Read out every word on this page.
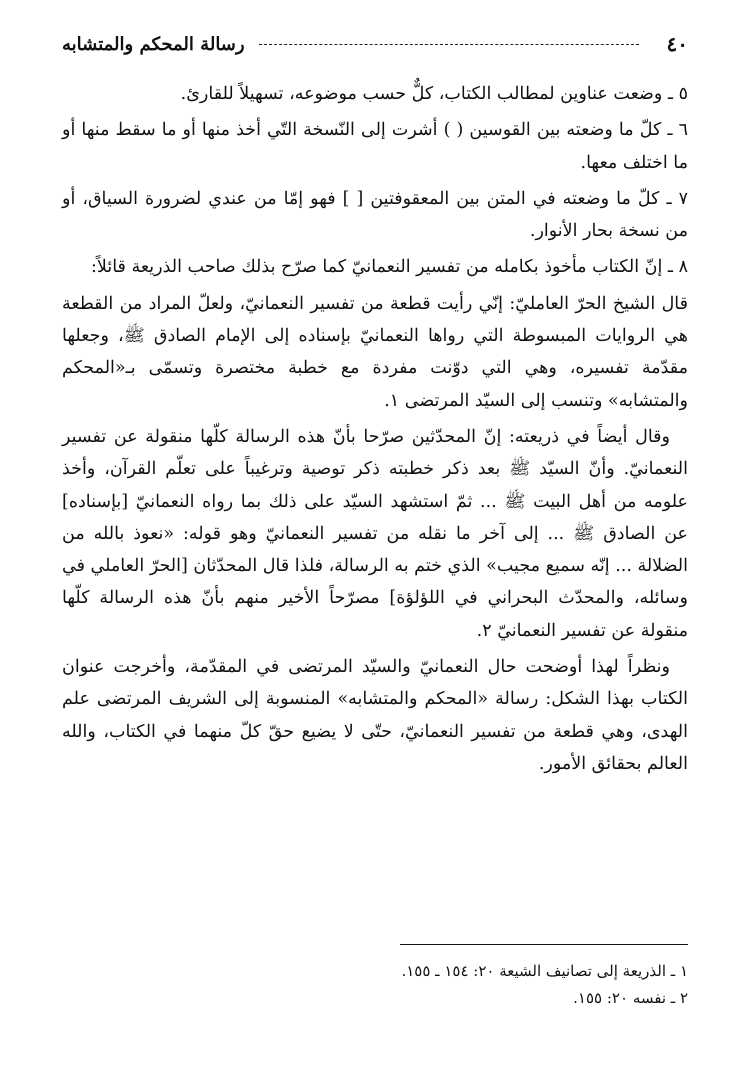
٤٠
رسالة المحكم والمتشابه

٥ ـ وضعت عناوين لمطالب الكتاب، كلٌّ حسب موضوعه، تسهيلاً للقارئ.

٦ ـ كلّ ما وضعته بين القوسين ( ) أشرت إلى النّسخة التّي أخذ منها أو ما سقط منها أو ما اختلف معها.

٧ ـ كلّ ما وضعته في المتن بين المعقوفتين [ ] فهو إمّا من عندي لضرورة السياق، أو من نسخة بحار الأنوار.

٨ ـ إنّ الكتاب مأخوذ بكامله من تفسير النعمانيّ كما صرّح بذلك صاحب الذريعة قائلاً:

قال الشيخ الحرّ العامليّ: إنّي رأيت قطعة من تفسير النعمانيّ، ولعلّ المراد من القطعة هي الروايات المبسوطة التي رواها النعمانيّ بإسناده إلى الإمام الصادق ﷺ، وجعلها مقدّمة تفسيره، وهي التي دوّنت مفردة مع خطبة مختصرة وتسمّى بـ«المحكم والمتشابه» وتنسب إلى السيّد المرتضى ١.

وقال أيضاً في ذريعته: إنّ المحدّثين صرّحا بأنّ هذه الرسالة كلّها منقولة عن تفسير النعمانيّ. وأنّ السيّد ﷺ بعد ذكر خطبته ذكر توصية وترغيباً على تعلّم القرآن، وأخذ علومه من أهل البيت ﷺ ... ثمّ استشهد السيّد على ذلك بما رواه النعمانيّ [بإسناده] عن الصادق ﷺ ... إلى آخر ما نقله من تفسير النعمانيّ وهو قوله: «نعوذ بالله من الضلالة ... إنّه سميع مجيب» الذي ختم به الرسالة، فلذا قال المحدّثان [الحرّ العاملي في وسائله، والمحدّث البحراني في اللؤلؤة] مصرّحاً الأخير منهم بأنّ هذه الرسالة كلّها منقولة عن تفسير النعمانيّ ٢.

ونظراً لهذا أوضحت حال النعمانيّ والسيّد المرتضى في المقدّمة، وأخرجت عنوان الكتاب بهذا الشكل: رسالة «المحكم والمتشابه» المنسوبة إلى الشريف المرتضى علم الهدى، وهي قطعة من تفسير النعمانيّ، حتّى لا يضيع حقّ كلّ منهما في الكتاب، والله العالم بحقائق الأمور.

١ ـ الذريعة إلى تصانيف الشيعة ٢٠: ١٥٤ ـ ١٥٥.

٢ ـ نفسه ٢٠: ١٥٥.
